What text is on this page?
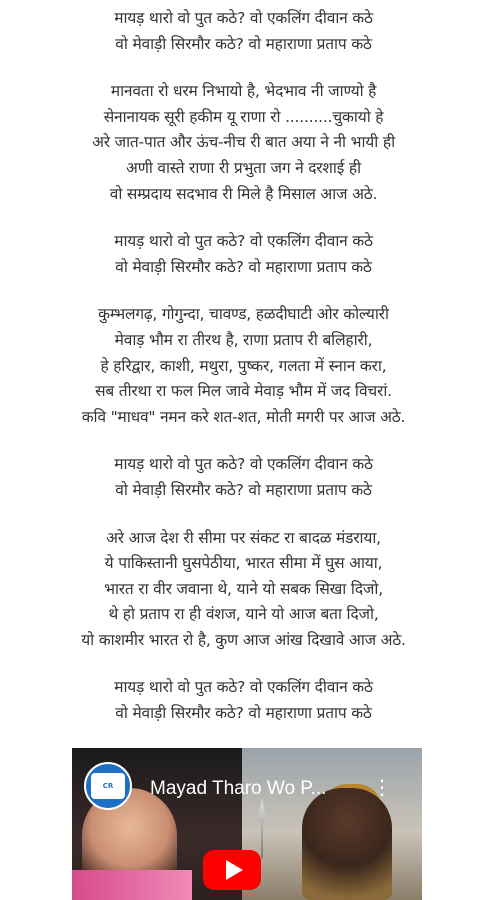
मायड़ थारो वो पुत कठे? वो एकलिंग दीवान कठे
वो मेवाड़ी सिरमौर कठे? वो महाराणा प्रताप कठे
मानवता रो धरम निभायो है, भेदभाव नी जाण्यो है
सेनानायक सूरी हकीम यू राणा रो ..........चुकायो हे
अरे जात-पात और ऊंच-नीच री बात अया ने नी भायी ही
अणी वास्ते राणा री प्रभुता जग ने दरशाई ही
वो सम्प्रदाय सदभाव री मिले है मिसाल आज अठे.
मायड़ थारो वो पुत कठे? वो एकलिंग दीवान कठे
वो मेवाड़ी सिरमौर कठे? वो महाराणा प्रताप कठे
कुम्भलगढ़, गोगुन्दा, चावण्ड, हळदीघाटी ओर कोल्यारी
मेवाड़ भौम रा तीरथ है, राणा प्रताप री बलिहारी,
हे हरिद्वार, काशी, मथुरा, पुष्कर, गलता में स्नान करा,
सब तीरथा रा फल मिल जावे मेवाड़ भौम में जद विचरां.
कवि "माधव" नमन करे शत-शत, मोती मगरी पर आज अठे.
मायड़ थारो वो पुत कठे? वो एकलिंग दीवान कठे
वो मेवाड़ी सिरमौर कठे? वो महाराणा प्रताप कठे
अरे आज देश री सीमा पर संकट रा बादळ मंडराया,
ये पाकिस्तानी घुसपेठीया, भारत सीमा में घुस आया,
भारत रा वीर जवाना थे, याने यो सबक सिखा दिजो,
थे हो प्रताप रा ही वंशज, याने यो आज बता दिजो,
यो काशमीर भारत रो है, कुण आज आंख दिखावे आज अठे.
मायड़ थारो वो पुत कठे? वो एकलिंग दीवान कठे
वो मेवाड़ी सिरमौर कठे? वो महाराणा प्रताप कठे
CR Mayad Tharo Wo P... ⋮
